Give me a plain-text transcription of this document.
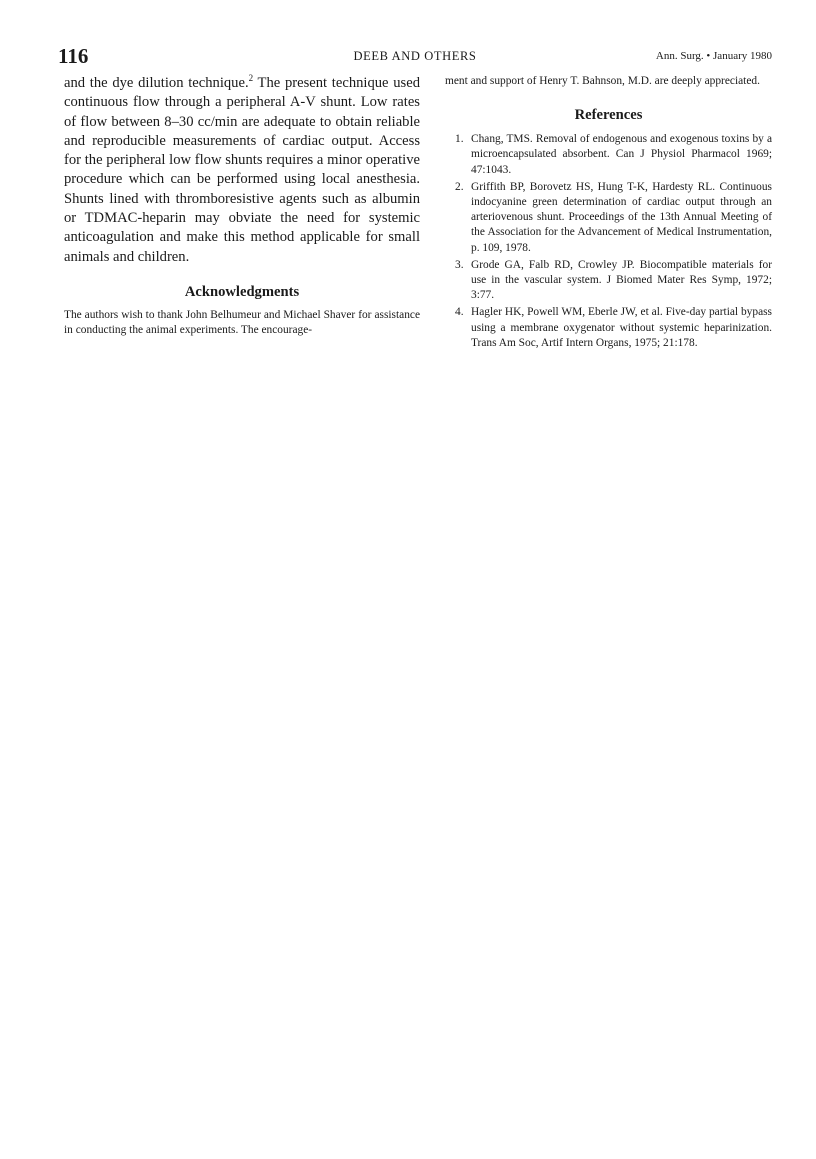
116	DEEB AND OTHERS	Ann. Surg. • January 1980

and the dye dilution technique.$^2$ The present technique used continuous flow through a peripheral A-V shunt. Low rates of flow between 8–30 cc/min are adequate to obtain reliable and reproducible measurements of cardiac output. Access for the peripheral low flow shunts requires a minor operative procedure which can be performed using local anesthesia. Shunts lined with thromboresistive agents such as albumin or TDMAC-heparin may obviate the need for systemic anticoagulation and make this method applicable for small animals and children.

Acknowledgments

The authors wish to thank John Belhumeur and Michael Shaver for assistance in conducting the animal experiments. The encourage-

ment and support of Henry T. Bahnson, M.D. are deeply appreciated.

References
1. Chang, TMS. Removal of endogenous and exogenous toxins by a microencapsulated absorbent. Can J Physiol Pharmacol 1969; 47:1043.
2. Griffith BP, Borovetz HS, Hung T-K, Hardesty RL. Continuous indocyanine green determination of cardiac output through an arteriovenous shunt. Proceedings of the 13th Annual Meeting of the Association for the Advancement of Medical Instrumentation, p. 109, 1978.
3. Grode GA, Falb RD, Crowley JP. Biocompatible materials for use in the vascular system. J Biomed Mater Res Symp, 1972; 3:77.
4. Hagler HK, Powell WM, Eberle JW, et al. Five-day partial bypass using a membrane oxygenator without systemic heparinization. Trans Am Soc, Artif Intern Organs, 1975; 21:178.
